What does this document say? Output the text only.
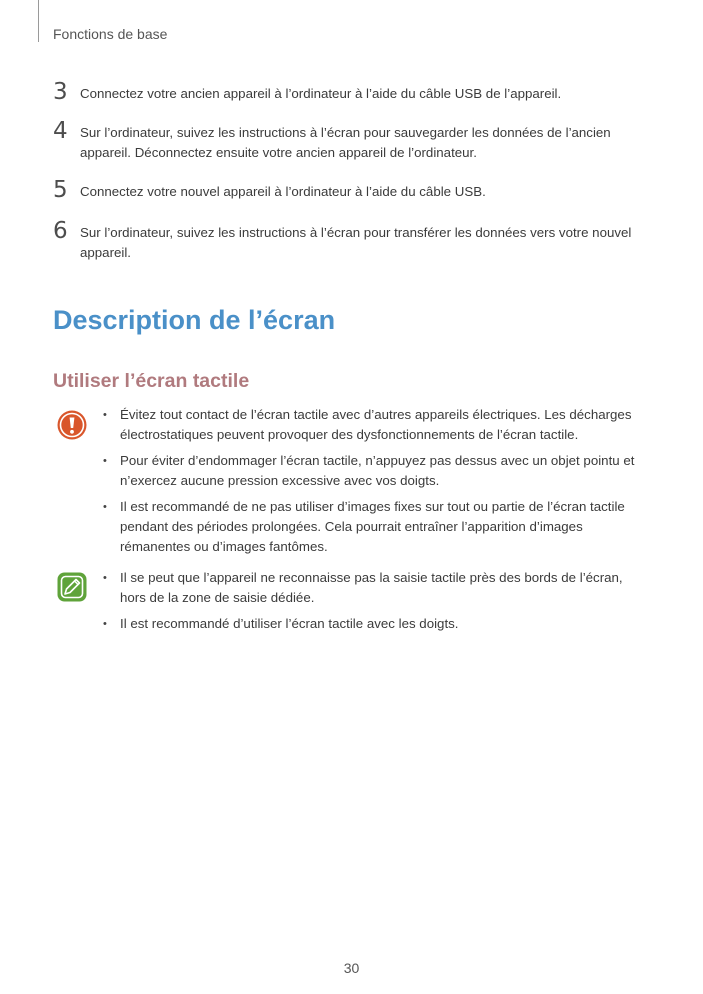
Fonctions de base
3 Connectez votre ancien appareil à l’ordinateur à l’aide du câble USB de l’appareil.
4 Sur l’ordinateur, suivez les instructions à l’écran pour sauvegarder les données de l’ancien appareil. Déconnectez ensuite votre ancien appareil de l’ordinateur.
5 Connectez votre nouvel appareil à l’ordinateur à l’aide du câble USB.
6 Sur l’ordinateur, suivez les instructions à l’écran pour transférer les données vers votre nouvel appareil.
Description de l’écran
Utiliser l’écran tactile
• Évitez tout contact de l’écran tactile avec d’autres appareils électriques. Les décharges électrostatiques peuvent provoquer des dysfonctionnements de l’écran tactile.
• Pour éviter d’endommager l’écran tactile, n’appuyez pas dessus avec un objet pointu et n’exercez aucune pression excessive avec vos doigts.
• Il est recommandé de ne pas utiliser d’images fixes sur tout ou partie de l’écran tactile pendant des périodes prolongées. Cela pourrait entraîner l’apparition d’images rémanentes ou d’images fantômes.
• Il se peut que l’appareil ne reconnaisse pas la saisie tactile près des bords de l’écran, hors de la zone de saisie dédiée.
• Il est recommandé d’utiliser l’écran tactile avec les doigts.
30
